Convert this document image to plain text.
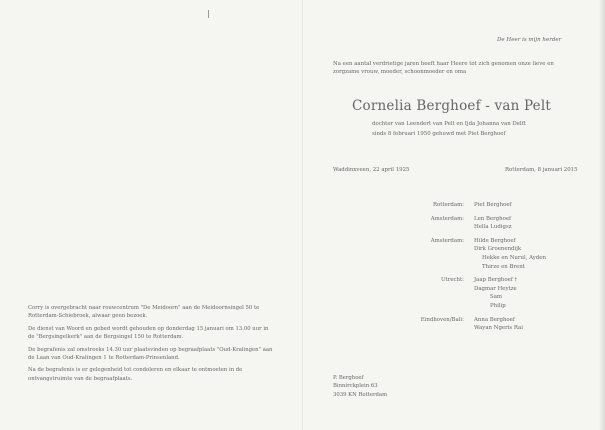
De Heer is mijn herder
Na een aantal verdrietige jaren heeft haar Heere tot zich genomen onze lieve en zorgzame vrouw, moeder, schoonmoeder en oma
Cornelia Berghoef - van Pelt
dochter van Leendert van Pelt en Ijda Johanna van Delft
sinds 8 februari 1950 gehuwd met Piet Berghoef
Waddinxveen, 22 april 1925	Rotterdam, 8 januari 2015
Rotterdam:	Piet Berghoef
Amsterdam:	Len Berghoef
Hella Ludigsz
Amsterdam:	Hilde Berghoef
Dirk Groenendijk
Hekke en Nurul, Ayden
Thirze en Brent
Utrecht:	Jaap Berghoef †
Dagmar Heytze
Sam
Philip
Eindhoven/Bali:	Anna Berghoef
Wayan Ngeris Rai
Corry is overgebracht naar rouwcentrum "De Meidoorn" aan de Meidoornsingel 50 te Rotterdam-Schiebroek, alwaar geen bezoek.
De dienst van Woord en gebed wordt gehouden op donderdag 15 januari om 13.00 uur in de "Bergsingelkerk" aan de Bergsingel 150 te Rotterdam.
De begrafenis zal omstreeks 14.30 uur plaatsvinden op begraafplaats "Oud-Kralingen" aan de Laan van Oud-Kralingen 1 te Rotterdam-Prinsenland.
Na de begrafenis is er gelegenheid tot condoleren en elkaar te ontmoeten in de ontvangstruimte van de begraafplaats.	P. Berghoef
Binnirckplein 63
3039 KN Rotterdam
